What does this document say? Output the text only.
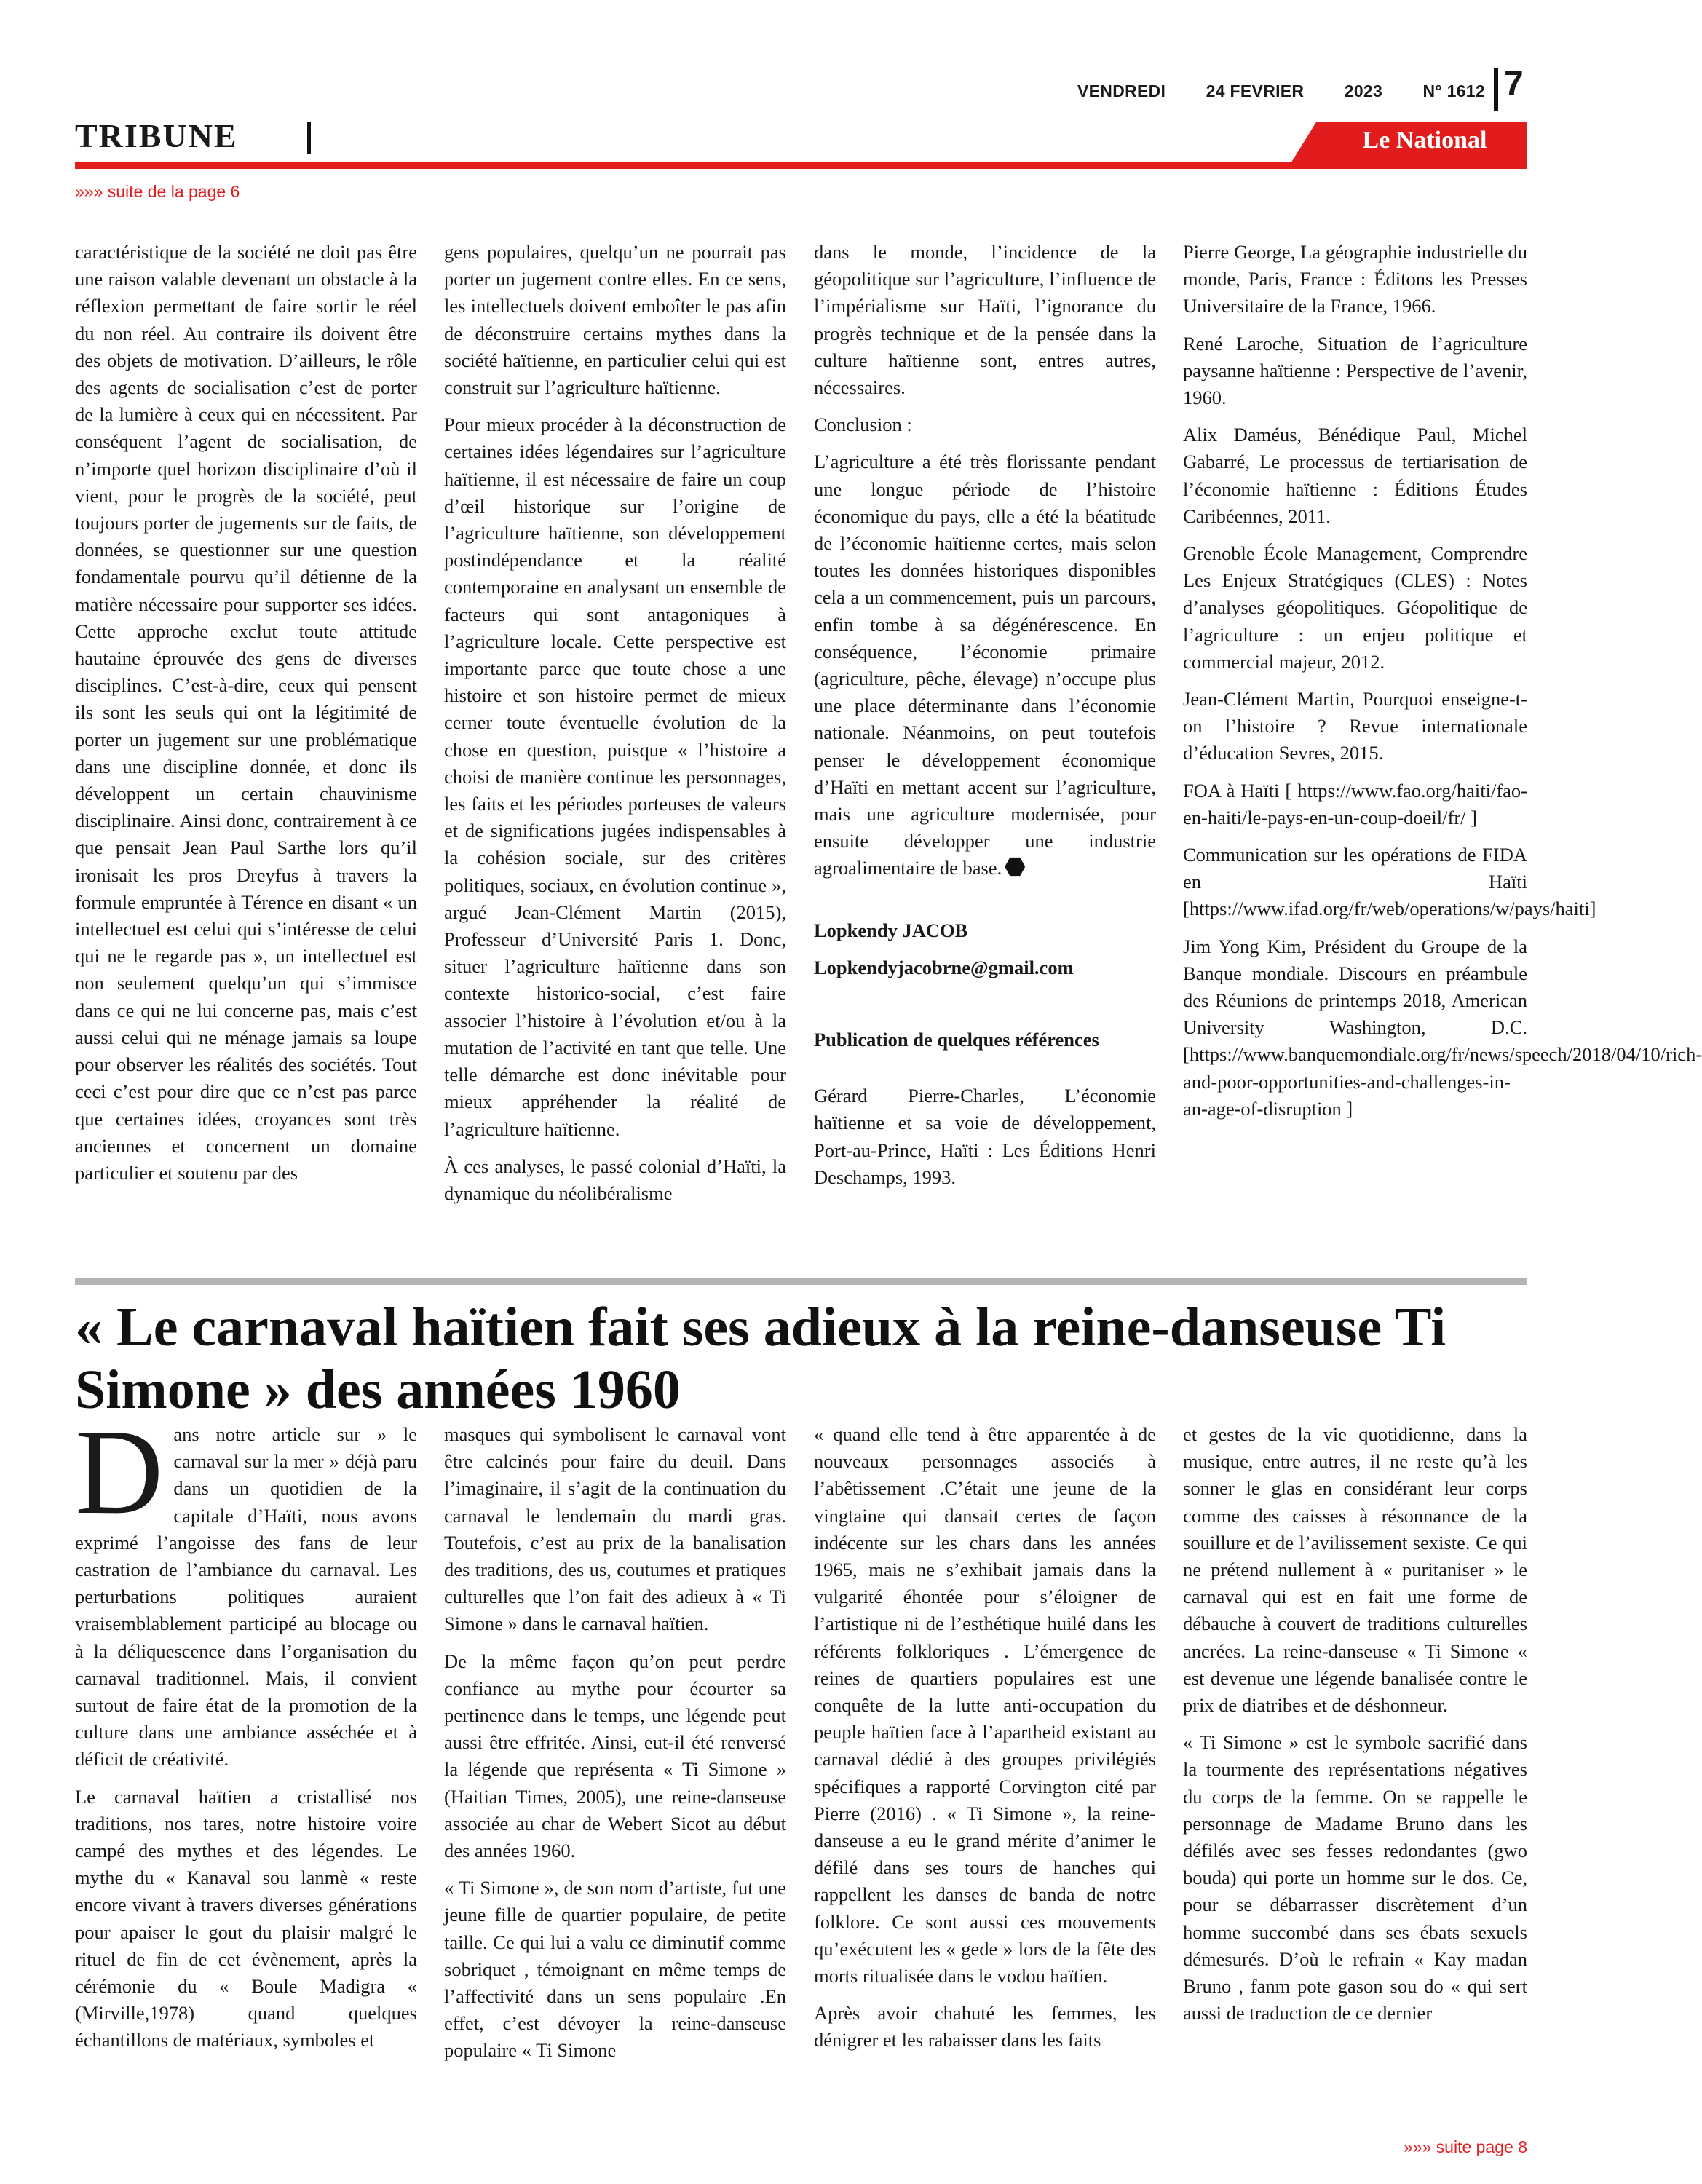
VENDREDI 24 FEVRIER 2023 N° 1612 7
TRIBUNE	Le National
»»» suite de la page 6

caractéristique de la société ne doit pas être une raison valable devenant un obstacle à la réflexion permettant de faire sortir le réel du non réel. Au contraire ils doivent être des objets de motivation. D’ailleurs, le rôle des agents de socialisation c’est de porter de la lumière à ceux qui en nécessitent. Par conséquent l’agent de socialisation, de n’importe quel horizon disciplinaire d’où il vient, pour le progrès de la société, peut toujours porter de jugements sur de faits, de données, se questionner sur une question fondamentale pourvu qu’il détienne de la matière nécessaire pour supporter ses idées. Cette approche exclut toute attitude hautaine éprouvée des gens de diverses disciplines. C’est-à-dire, ceux qui pensent ils sont les seuls qui ont la légitimité de porter un jugement sur une problématique dans une discipline donnée, et donc ils développent un certain chauvinisme disciplinaire. Ainsi donc, contrairement à ce que pensait Jean Paul Sarthe lors qu’il ironisait les pros Dreyfus à travers la formule empruntée à Térence en disant « un intellectuel est celui qui s’intéresse de celui qui ne le regarde pas », un intellectuel est non seulement quelqu’un qui s’immisce dans ce qui ne lui concerne pas, mais c’est aussi celui qui ne ménage jamais sa loupe pour observer les réalités des sociétés. Tout ceci c’est pour dire que ce n’est pas parce que certaines idées, croyances sont très anciennes et concernent un domaine particulier et soutenu par des

gens populaires, quelqu’un ne pourrait pas porter un jugement contre elles. En ce sens, les intellectuels doivent emboîter le pas afin de déconstruire certains mythes dans la société haïtienne, en particulier celui qui est construit sur l’agriculture haïtienne.

Pour mieux procéder à la déconstruction de certaines idées légendaires sur l’agriculture haïtienne, il est nécessaire de faire un coup d’œil historique sur l’origine de l’agriculture haïtienne, son développement postindépendance et la réalité contemporaine en analysant un ensemble de facteurs qui sont antagoniques à l’agriculture locale. Cette perspective est importante parce que toute chose a une histoire et son histoire permet de mieux cerner toute éventuelle évolution de la chose en question, puisque « l’histoire a choisi de manière continue les personnages, les faits et les périodes porteuses de valeurs et de significations jugées indispensables à la cohésion sociale, sur des critères politiques, sociaux, en évolution continue », argué Jean-Clément Martin (2015), Professeur d’Université Paris 1. Donc, situer l’agriculture haïtienne dans son contexte historico-social, c’est faire associer l’histoire à l’évolution et/ou à la mutation de l’activité en tant que telle. Une telle démarche est donc inévitable pour mieux appréhender la réalité de l’agriculture haïtienne.

À ces analyses, le passé colonial d’Haïti, la dynamique du néolibéralisme

dans le monde, l’incidence de la géopolitique sur l’agriculture, l’influence de l’impérialisme sur Haïti, l’ignorance du progrès technique et de la pensée dans la culture haïtienne sont, entres autres, nécessaires.

Conclusion :

L’agriculture a été très florissante pendant une longue période de l’histoire économique du pays, elle a été la béatitude de l’économie haïtienne certes, mais selon toutes les données historiques disponibles cela a un commencement, puis un parcours, enfin tombe à sa dégénérescence. En conséquence, l’économie primaire (agriculture, pêche, élevage) n’occupe plus une place déterminante dans l’économie nationale. Néanmoins, on peut toutefois penser le développement économique d’Haïti en mettant accent sur l’agriculture, mais une agriculture modernisée, pour ensuite développer une industrie agroalimentaire de base.

Lopkendy JACOB

Lopkendyjacobrne@gmail.com

Publication de quelques références

Gérard Pierre-Charles, L’économie haïtienne et sa voie de développement, Port-au-Prince, Haïti : Les Éditions Henri Deschamps, 1993.

Pierre George, La géographie industrielle du monde, Paris, France : Éditons les Presses Universitaire de la France, 1966.

René Laroche, Situation de l’agriculture paysanne haïtienne : Perspective de l’avenir, 1960.

Alix Daméus, Bénédique Paul, Michel Gabarré, Le processus de tertiarisation de l’économie haïtienne : Éditions Études Caribéennes, 2011.

Grenoble École Management, Comprendre Les Enjeux Stratégiques (CLES) : Notes d’analyses géopolitiques. Géopolitique de l’agriculture : un enjeu politique et commercial majeur, 2012.

Jean-Clément Martin, Pourquoi enseigne-t-on l’histoire ? Revue internationale d’éducation Sevres, 2015.

FOA à Haïti [ https://www.fao.org/haiti/fao-en-haiti/le-pays-en-un-coup-doeil/fr/ ]

Communication sur les opérations de FIDA en Haïti [https://www.ifad.org/fr/web/operations/w/pays/haiti]

Jim Yong Kim, Président du Groupe de la Banque mondiale. Discours en préambule des Réunions de printemps 2018, American University Washington, D.C. [https://www.banquemondiale.org/fr/news/speech/2018/04/10/rich-and-poor-opportunities-and-challenges-in-an-age-of-disruption ]

« Le carnaval haïtien fait ses adieux à la reine-danseuse Ti Simone » des années 1960

Dans notre article sur » le carnaval sur la mer » déjà paru dans un quotidien de la capitale d’Haïti, nous avons exprimé l’angoisse des fans de leur castration de l’ambiance du carnaval. Les perturbations politiques auraient vraisemblablement participé au blocage ou à la déliquescence dans l’organisation du carnaval traditionnel. Mais, il convient surtout de faire état de la promotion de la culture dans une ambiance asséchée et à déficit de créativité.

Le carnaval haïtien a cristallisé nos traditions, nos tares, notre histoire voire campé des mythes et des légendes. Le mythe du « Kanaval sou lanmè « reste encore vivant à travers diverses générations pour apaiser le gout du plaisir malgré le rituel de fin de cet évènement, après la cérémonie du « Boule Madigra « (Mirville,1978) quand quelques échantillons de matériaux, symboles et

masques qui symbolisent le carnaval vont être calcinés pour faire du deuil. Dans l’imaginaire, il s’agit de la continuation du carnaval le lendemain du mardi gras. Toutefois, c’est au prix de la banalisation des traditions, des us, coutumes et pratiques culturelles que l’on fait des adieux à « Ti Simone » dans le carnaval haïtien.

De la même façon qu’on peut perdre confiance au mythe pour écourter sa pertinence dans le temps, une légende peut aussi être effritée. Ainsi, eut-il été renversé la légende que représenta « Ti Simone » (Haitian Times, 2005), une reine-danseuse associée au char de Webert Sicot au début des années 1960.

« Ti Simone », de son nom d’artiste, fut une jeune fille de quartier populaire, de petite taille. Ce qui lui a valu ce diminutif comme sobriquet , témoignant en même temps de l’affectivité dans un sens populaire .En effet, c’est dévoyer la reine-danseuse populaire « Ti Simone

« quand elle tend à être apparentée à de nouveaux personnages associés à l’abêtissement .C’était une jeune de la vingtaine qui dansait certes de façon indécente sur les chars dans les années 1965, mais ne s’exhibait jamais dans la vulgarité éhontée pour s’éloigner de l’artistique ni de l’esthétique huilé dans les référents folkloriques . L’émergence de reines de quartiers populaires est une conquête de la lutte anti-occupation du peuple haïtien face à l’apartheid existant au carnaval dédié à des groupes privilégiés spécifiques a rapporté Corvington cité par Pierre (2016) . « Ti Simone », la reine-danseuse a eu le grand mérite d’animer le défilé dans ses tours de hanches qui rappellent les danses de banda de notre folklore. Ce sont aussi ces mouvements qu’exécutent les « gede » lors de la fête des morts ritualisée dans le vodou haïtien.

Après avoir chahuté les femmes, les dénigrer et les rabaisser dans les faits

et gestes de la vie quotidienne, dans la musique, entre autres, il ne reste qu’à les sonner le glas en considérant leur corps comme des caisses à résonnance de la souillure et de l’avilissement sexiste. Ce qui ne prétend nullement à « puritaniser » le carnaval qui est en fait une forme de débauche à couvert de traditions culturelles ancrées. La reine-danseuse « Ti Simone « est devenue une légende banalisée contre le prix de diatribes et de déshonneur.

« Ti Simone » est le symbole sacrifié dans la tourmente des représentations négatives du corps de la femme. On se rappelle le personnage de Madame Bruno dans les défilés avec ses fesses redondantes (gwo bouda) qui porte un homme sur le dos. Ce, pour se débarrasser discrètement d’un homme succombé dans ses ébats sexuels démesurés. D’où le refrain « Kay madan Bruno , fanm pote gason sou do « qui sert aussi de traduction de ce dernier

»»» suite page 8
